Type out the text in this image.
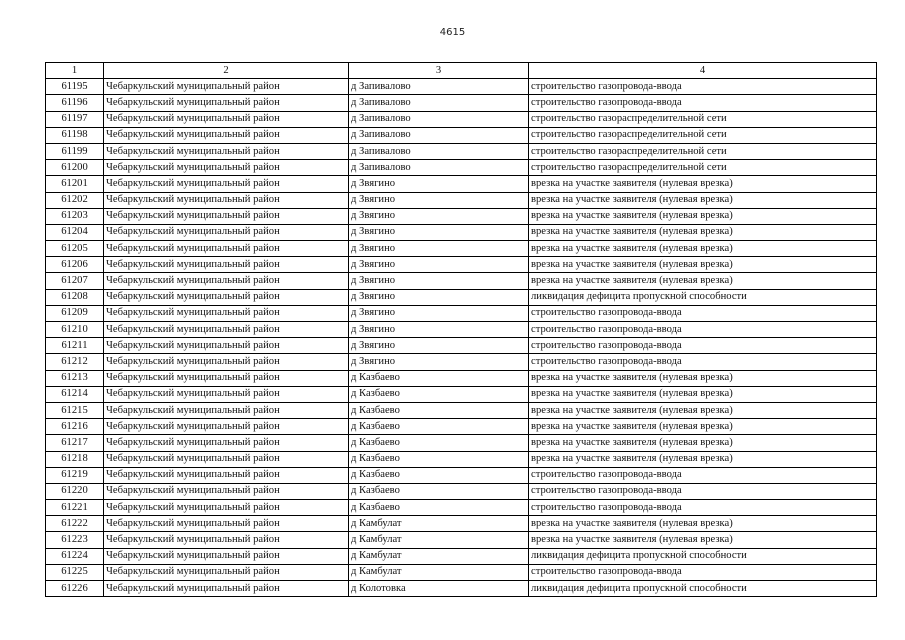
4615
1	2	3	4
61195	Чебаркульский муниципальный район	д Запивалово	строительство газопровода-ввода
61196	Чебаркульский муниципальный район	д Запивалово	строительство газопровода-ввода
61197	Чебаркульский муниципальный район	д Запивалово	строительство газораспределительной сети
61198	Чебаркульский муниципальный район	д Запивалово	строительство газораспределительной сети
61199	Чебаркульский муниципальный район	д Запивалово	строительство газораспределительной сети
61200	Чебаркульский муниципальный район	д Запивалово	строительство газораспределительной сети
61201	Чебаркульский муниципальный район	д Звягино	врезка на участке заявителя (нулевая врезка)
61202	Чебаркульский муниципальный район	д Звягино	врезка на участке заявителя (нулевая врезка)
61203	Чебаркульский муниципальный район	д Звягино	врезка на участке заявителя (нулевая врезка)
61204	Чебаркульский муниципальный район	д Звягино	врезка на участке заявителя (нулевая врезка)
61205	Чебаркульский муниципальный район	д Звягино	врезка на участке заявителя (нулевая врезка)
61206	Чебаркульский муниципальный район	д Звягино	врезка на участке заявителя (нулевая врезка)
61207	Чебаркульский муниципальный район	д Звягино	врезка на участке заявителя (нулевая врезка)
61208	Чебаркульский муниципальный район	д Звягино	ликвидация дефицита пропускной способности
61209	Чебаркульский муниципальный район	д Звягино	строительство газопровода-ввода
61210	Чебаркульский муниципальный район	д Звягино	строительство газопровода-ввода
61211	Чебаркульский муниципальный район	д Звягино	строительство газопровода-ввода
61212	Чебаркульский муниципальный район	д Звягино	строительство газопровода-ввода
61213	Чебаркульский муниципальный район	д Казбаево	врезка на участке заявителя (нулевая врезка)
61214	Чебаркульский муниципальный район	д Казбаево	врезка на участке заявителя (нулевая врезка)
61215	Чебаркульский муниципальный район	д Казбаево	врезка на участке заявителя (нулевая врезка)
61216	Чебаркульский муниципальный район	д Казбаево	врезка на участке заявителя (нулевая врезка)
61217	Чебаркульский муниципальный район	д Казбаево	врезка на участке заявителя (нулевая врезка)
61218	Чебаркульский муниципальный район	д Казбаево	врезка на участке заявителя (нулевая врезка)
61219	Чебаркульский муниципальный район	д Казбаево	строительство газопровода-ввода
61220	Чебаркульский муниципальный район	д Казбаево	строительство газопровода-ввода
61221	Чебаркульский муниципальный район	д Казбаево	строительство газопровода-ввода
61222	Чебаркульский муниципальный район	д Камбулат	врезка на участке заявителя (нулевая врезка)
61223	Чебаркульский муниципальный район	д Камбулат	врезка на участке заявителя (нулевая врезка)
61224	Чебаркульский муниципальный район	д Камбулат	ликвидация дефицита пропускной способности
61225	Чебаркульский муниципальный район	д Камбулат	строительство газопровода-ввода
61226	Чебаркульский муниципальный район	д Колотовка	ликвидация дефицита пропускной способности
